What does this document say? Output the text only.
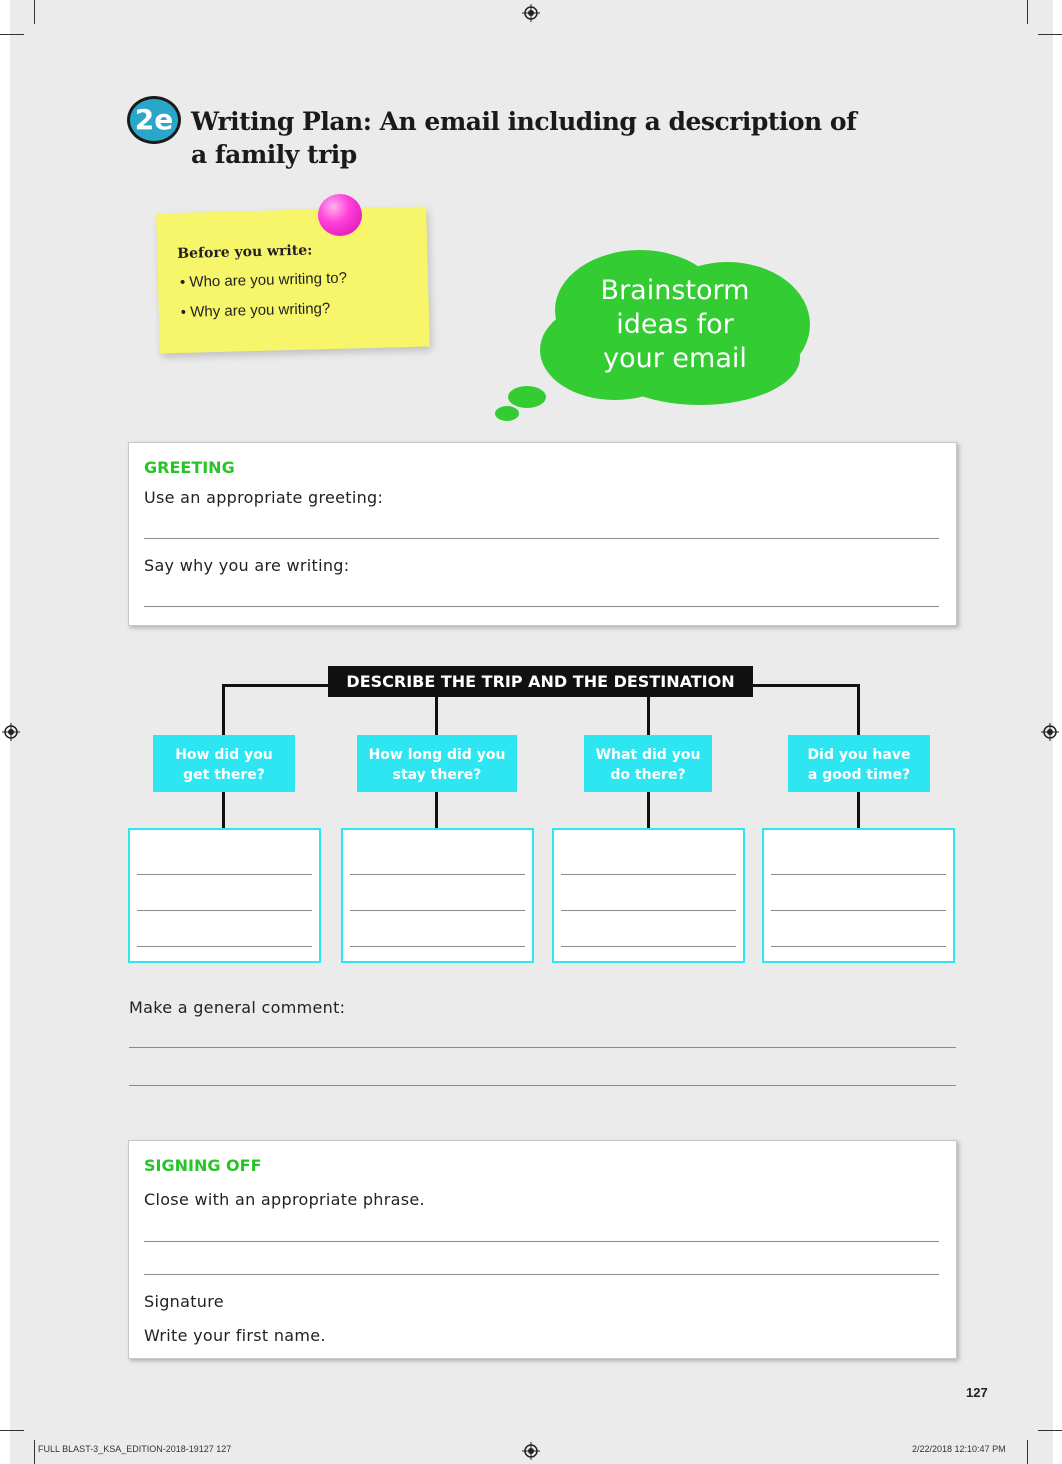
2e Writing Plan: An email including a description of a family trip
Before you write:
• Who are you writing to?
• Why are you writing?
Brainstorm ideas for your email
GREETING
Use an appropriate greeting:
Say why you are writing:
DESCRIBE THE TRIP AND THE DESTINATION
How did you
get there?
How long did you
stay there?
What did you
do there?
Did you have
a good time?
Make a general comment:
SIGNING OFF
Close with an appropriate phrase.
Signature
Write your first name.
127
FULL BLAST-3_KSA_EDITION-2018-19127 127	2/22/2018 12:10:47 PM
